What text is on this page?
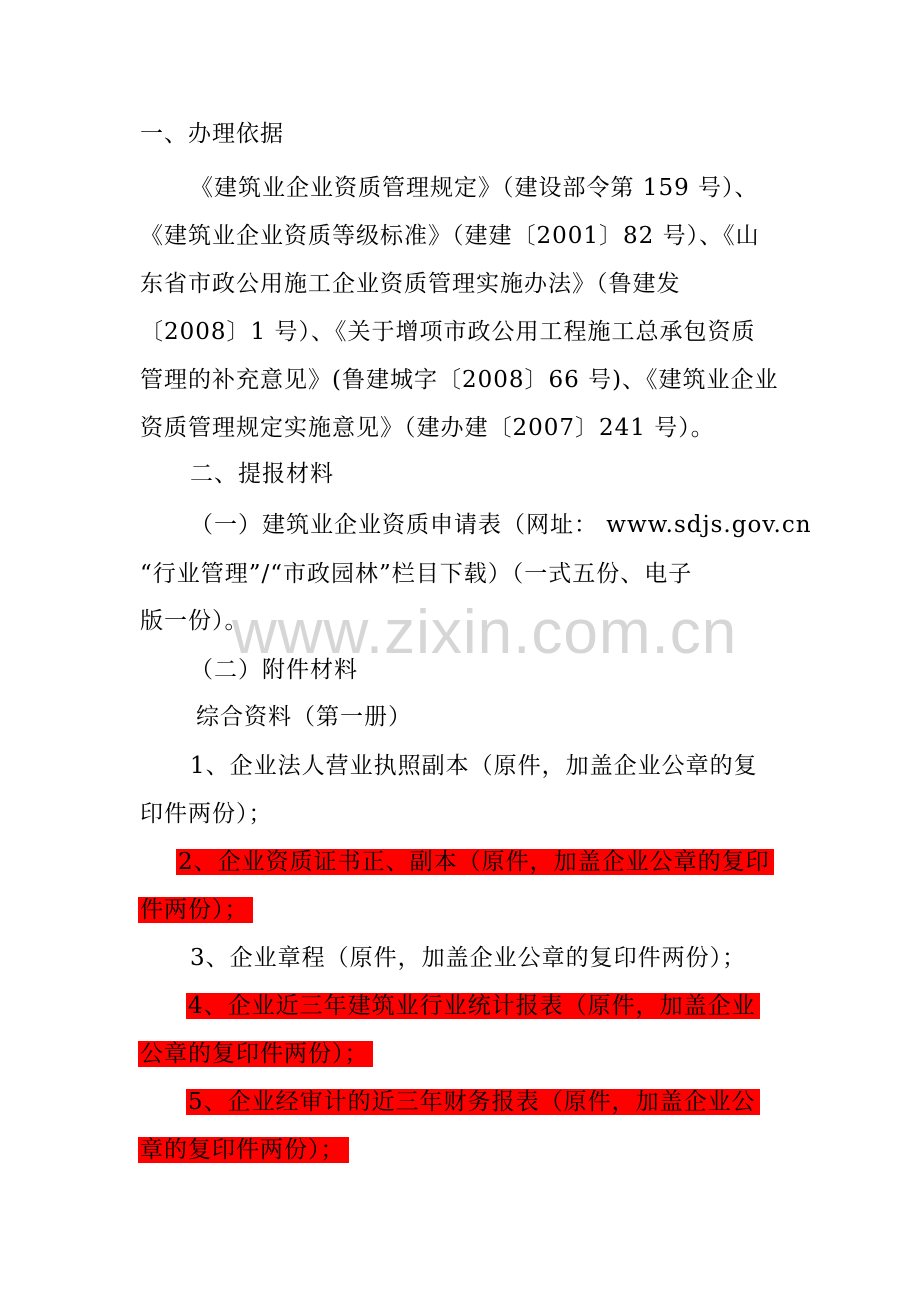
一、办理依据

《建筑业企业资质管理规定》（建设部令第 159 号）、

《建筑业企业资质等级标准》（建建〔2001〕82 号）、《山

东省市政公用施工企业资质管理实施办法》（鲁建发

〔2008〕1 号）、《关于增项市政公用工程施工总承包资质

管理的补充意见》(鲁建城字〔2008〕66 号)、《建筑业企业

资质管理规定实施意见》（建办建〔2007〕241 号）。

二、提报材料

（一）建筑业企业资质申请表（网址： www.sdjs.gov.cn

“行业管理”/“市政园林”栏目下载）（一式五份、电子

版一份）。

（二）附件材料

综合资料（第一册）

1、企业法人营业执照副本（原件，加盖企业公章的复

印件两份）；

2、企业资质证书正、副本（原件，加盖企业公章的复印

件两份）；

3、企业章程（原件，加盖企业公章的复印件两份）；

4、企业近三年建筑业行业统计报表（原件，加盖企业

公章的复印件两份）；

5、企业经审计的近三年财务报表（原件，加盖企业公

章的复印件两份）；

www.zixin.com.cn
